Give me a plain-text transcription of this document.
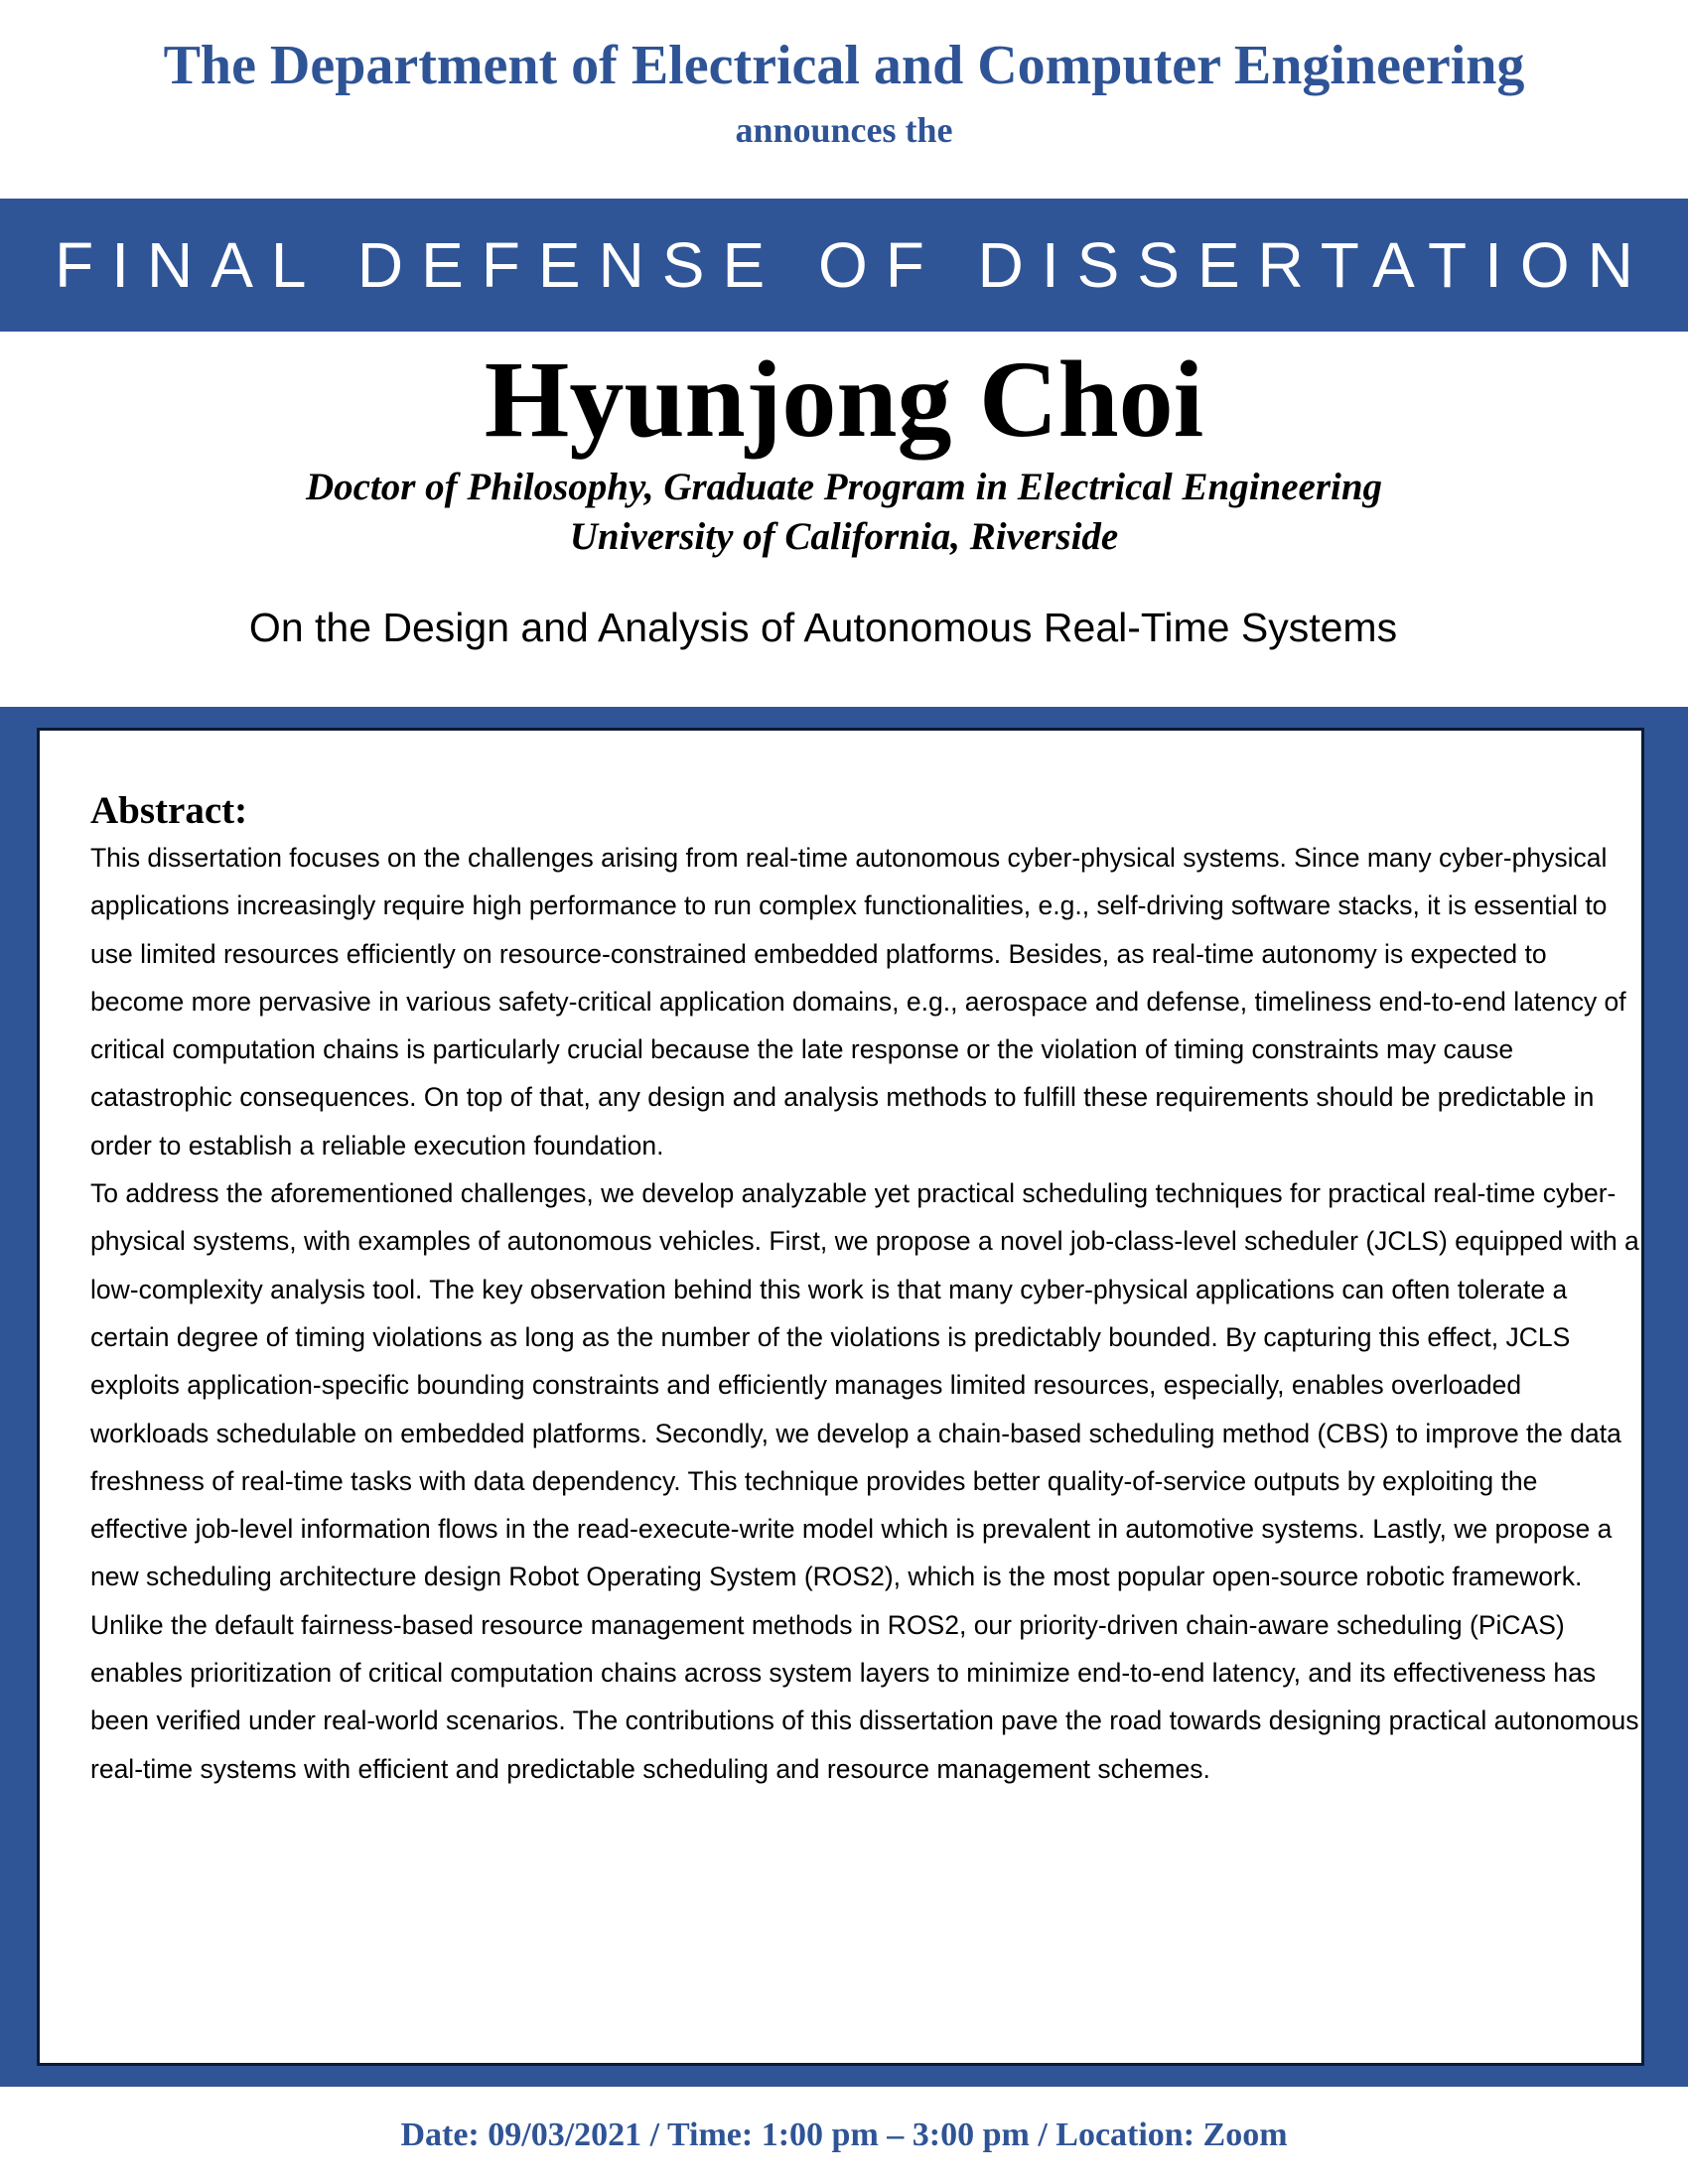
The Department of Electrical and Computer Engineering
announces the
FINAL DEFENSE OF DISSERTATION
Hyunjong Choi
Doctor of Philosophy, Graduate Program in Electrical Engineering
University of California, Riverside
On the Design and Analysis of Autonomous Real-Time Systems
Abstract:

This dissertation focuses on the challenges arising from real-time autonomous cyber-physical systems. Since many cyber-physical applications increasingly require high performance to run complex functionalities, e.g., self-driving software stacks, it is essential to use limited resources efficiently on resource-constrained embedded platforms. Besides, as real-time autonomy is expected to become more pervasive in various safety-critical application domains, e.g., aerospace and defense, timeliness end-to-end latency of critical computation chains is particularly crucial because the late response or the violation of timing constraints may cause catastrophic consequences. On top of that, any design and analysis methods to fulfill these requirements should be predictable in order to establish a reliable execution foundation.

To address the aforementioned challenges, we develop analyzable yet practical scheduling techniques for practical real-time cyber-physical systems, with examples of autonomous vehicles. First, we propose a novel job-class-level scheduler (JCLS) equipped with a low-complexity analysis tool. The key observation behind this work is that many cyber-physical applications can often tolerate a certain degree of timing violations as long as the number of the violations is predictably bounded. By capturing this effect, JCLS exploits application-specific bounding constraints and efficiently manages limited resources, especially, enables overloaded workloads schedulable on embedded platforms. Secondly, we develop a chain-based scheduling method (CBS) to improve the data freshness of real-time tasks with data dependency. This technique provides better quality-of-service outputs by exploiting the effective job-level information flows in the read-execute-write model which is prevalent in automotive systems. Lastly, we propose a new scheduling architecture design Robot Operating System (ROS2), which is the most popular open-source robotic framework. Unlike the default fairness-based resource management methods in ROS2, our priority-driven chain-aware scheduling (PiCAS) enables prioritization of critical computation chains across system layers to minimize end-to-end latency, and its effectiveness has been verified under real-world scenarios. The contributions of this dissertation pave the road towards designing practical autonomous real-time systems with efficient and predictable scheduling and resource management schemes.

Date: 09/03/2021 / Time: 1:00 pm – 3:00 pm / Location: Zoom
